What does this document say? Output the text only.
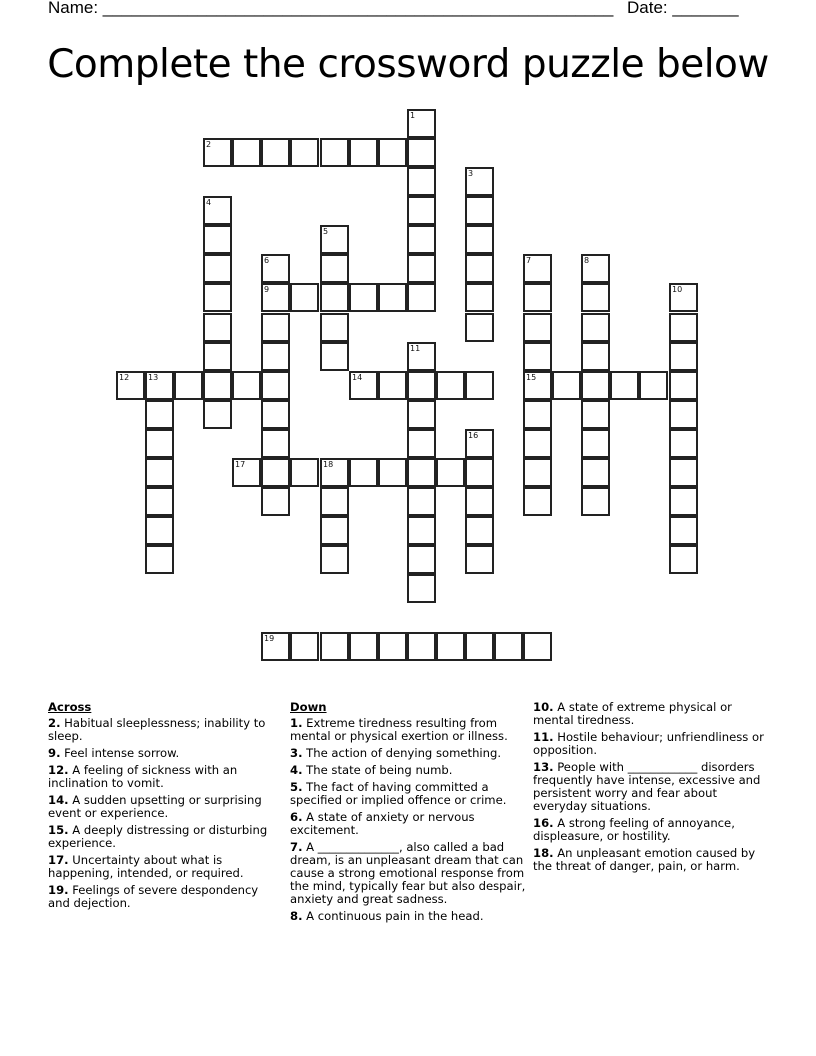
Name: ______________________________________________________ Date: _______
Complete the crossword puzzle below
1
2
3
4
5
6
9
7
15
8
10
11
12 13	14
16
17	18
19
Across
2. Habitual sleeplessness; inability to sleep.
9. Feel intense sorrow.
12. A feeling of sickness with an inclination to vomit.
14. A sudden upsetting or surprising event or experience.
15. A deeply distressing or disturbing experience.
17. Uncertainty about what is happening, intended, or required.
19. Feelings of severe despondency and dejection.
Down
1. Extreme tiredness resulting from mental or physical exertion or illness.
3. The action of denying something.
4. The state of being numb.
5. The fact of having committed a specified or implied offence or crime.
6. A state of anxiety or nervous excitement.
7. A ______________, also called a bad dream, is an unpleasant dream that can cause a strong emotional response from the mind, typically fear but also despair, anxiety and great sadness.
8. A continuous pain in the head.
10. A state of extreme physical or mental tiredness.
11. Hostile behaviour; unfriendliness or opposition.
13. People with ____________ disorders frequently have intense, excessive and persistent worry and fear about everyday situations.
16. A strong feeling of annoyance, displeasure, or hostility.
18. An unpleasant emotion caused by the threat of danger, pain, or harm.
